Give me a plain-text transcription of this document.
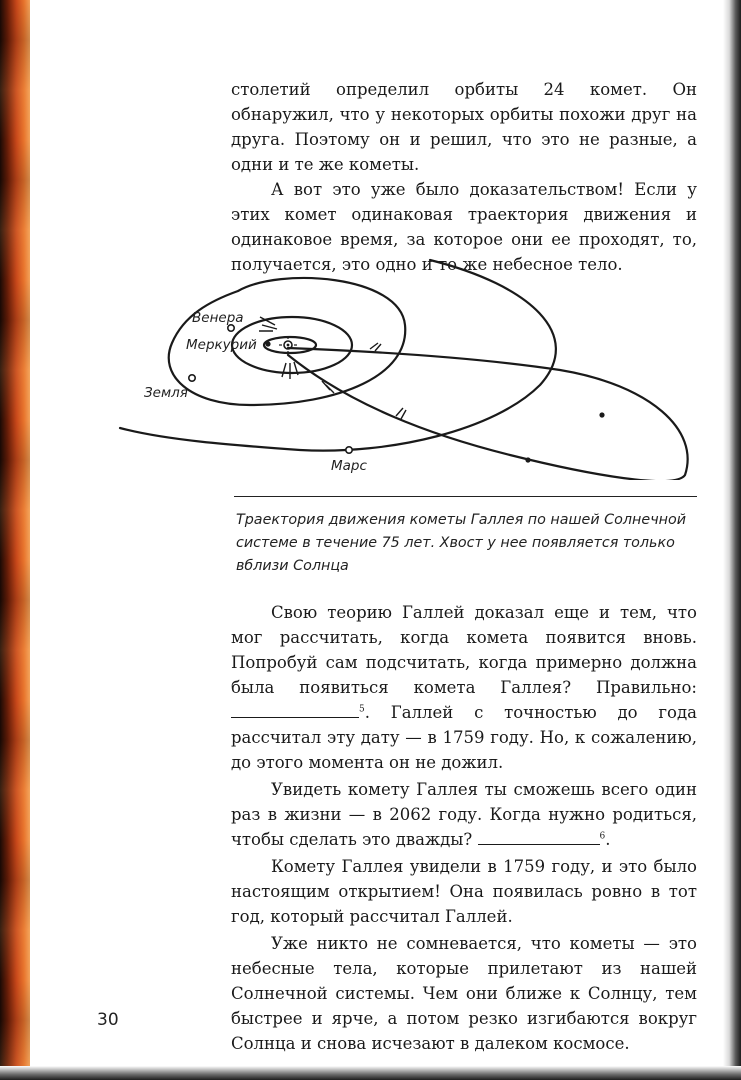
столетий определил орбиты 24 комет. Он обнаружил, что у некоторых орбиты похожи друг на друга. Поэтому он и решил, что это не разные, а одни и те же кометы.

А вот это уже было доказательством! Если у этих комет одинаковая траектория движения и одинаковое время, за которое они ее проходят, то, получается, это одно и то же небесное тело.

Венера
Меркурий
Земля
Марс
Траектория движения кометы Галлея по нашей Солнечной системе в течение 75 лет. Хвост у нее появляется только вблизи Солнца

Свою теорию Галлей доказал еще и тем, что мог рассчитать, когда комета появится вновь. Попробуй сам подсчитать, когда примерно должна была появиться комета Галлея? Правильно:$^5$. Галлей с точностью до года рассчитал эту дату — в 1759 году. Но, к сожалению, до этого момента он не дожил.

Увидеть комету Галлея ты сможешь всего один раз в жизни — в 2062 году. Когда нужно родиться, чтобы сделать это дважды?	$^6$.

Комету Галлея увидели в 1759 году, и это было настоящим открытием! Она появилась ровно в тот год, который рассчитал Галлей.

Уже никто не сомневается, что кометы — это небесные тела, которые прилетают из нашей Солнечной системы. Чем они ближе к Солнцу, тем быстрее и ярче, а потом резко изгибаются вокруг Солнца и снова исчезают в далеком космосе.

30
